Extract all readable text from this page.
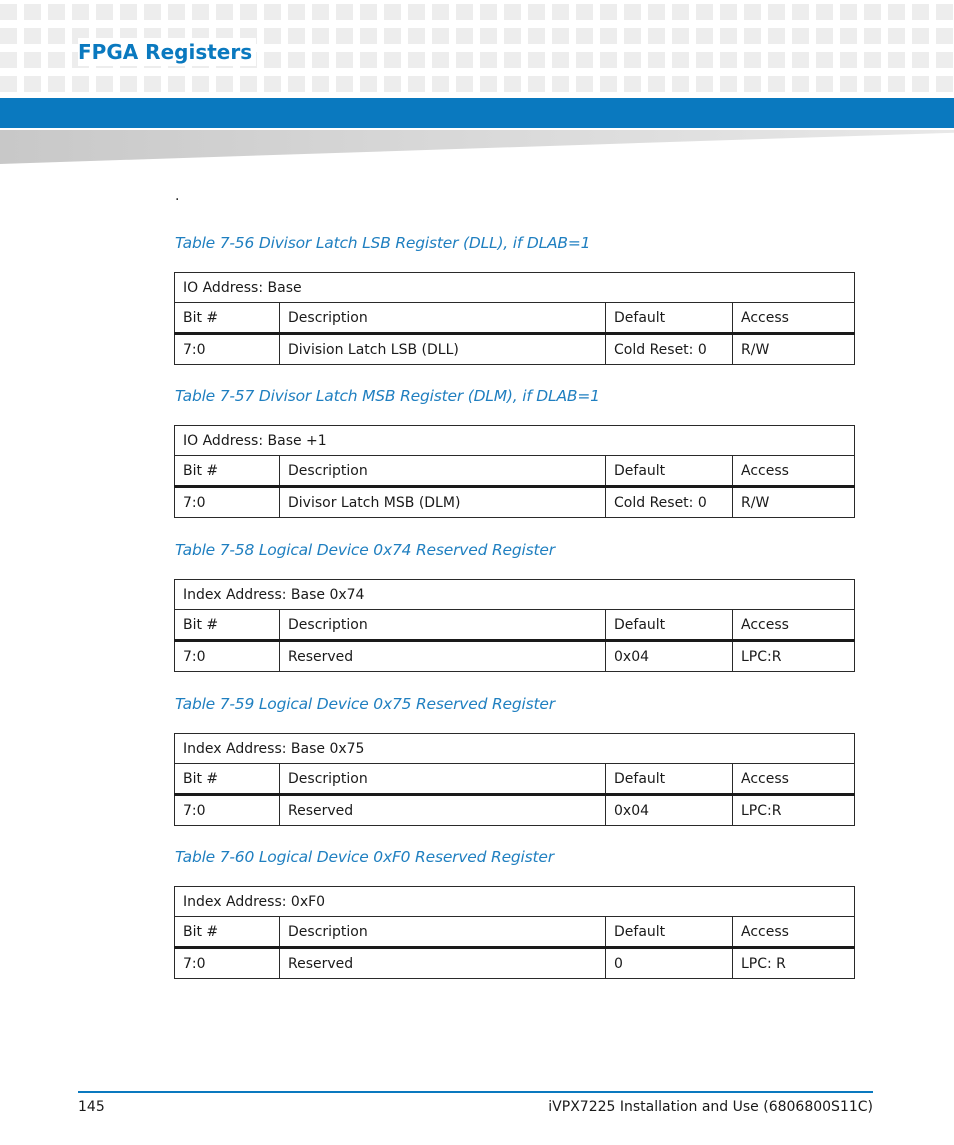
FPGA Registers
.

Table 7-56 Divisor Latch LSB Register (DLL), if DLAB=1

IO Address: Base			
Bit #	Description	Default	Access
7:0	Division Latch LSB (DLL)	Cold Reset: 0	R/W

Table 7-57 Divisor Latch MSB Register (DLM), if DLAB=1

IO Address: Base +1			
Bit #	Description	Default	Access
7:0	Divisor Latch MSB (DLM)	Cold Reset: 0	R/W

Table 7-58 Logical Device 0x74 Reserved Register

Index Address: Base 0x74			
Bit #	Description	Default	Access
7:0	Reserved	0x04	LPC:R

Table 7-59 Logical Device 0x75 Reserved Register

Index Address: Base 0x75			
Bit #	Description	Default	Access
7:0	Reserved	0x04	LPC:R

Table 7-60 Logical Device 0xF0 Reserved Register

Index Address: 0xF0			
Bit #	Description	Default	Access
7:0	Reserved	0	LPC: R
145	iVPX7225 Installation and Use (6806800S11C)
